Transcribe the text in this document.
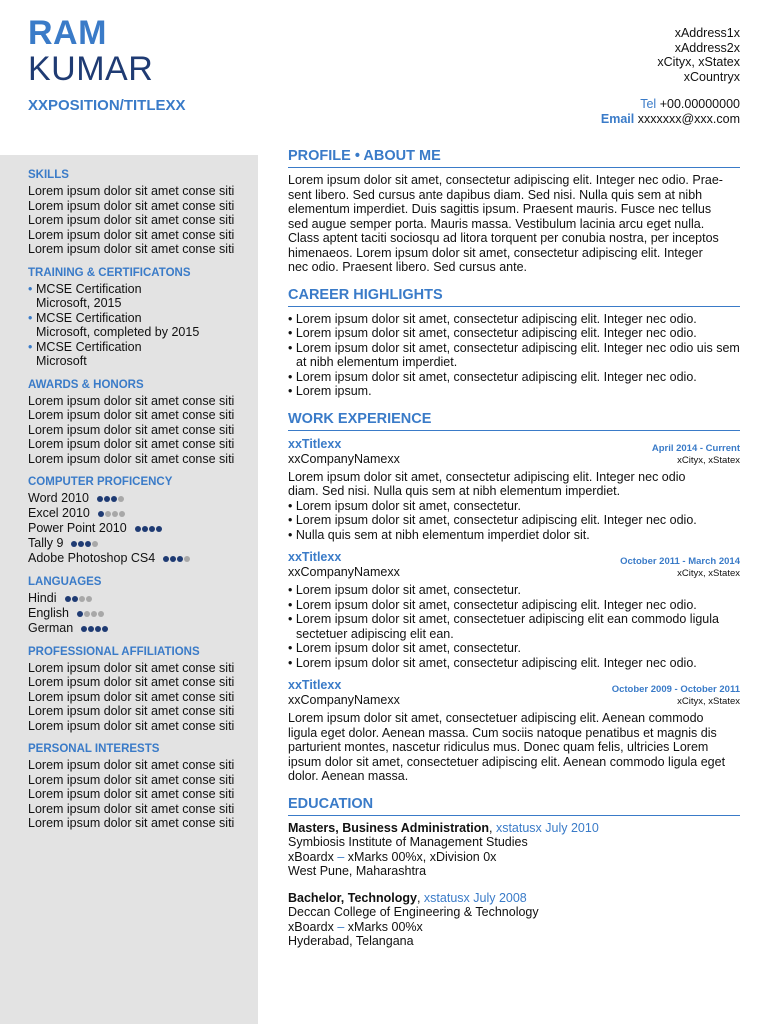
RAM
KUMAR
XXPOSITION/TITLEXX
xAddress1x
xAddress2x
xCityx, xStatex
xCountryx
Tel +00.00000000
Email xxxxxxx@xxx.com
SKILLS
Lorem ipsum dolor sit amet conse siti
Lorem ipsum dolor sit amet conse siti
Lorem ipsum dolor sit amet conse siti
Lorem ipsum dolor sit amet conse siti
Lorem ipsum dolor sit amet conse siti
TRAINING & CERTIFICATONS
• MCSE Certification
Microsoft, 2015
• MCSE Certification
Microsoft, completed by 2015
• MCSE Certification
Microsoft
AWARDS & HONORS
Lorem ipsum dolor sit amet conse siti
Lorem ipsum dolor sit amet conse siti
Lorem ipsum dolor sit amet conse siti
Lorem ipsum dolor sit amet conse siti
Lorem ipsum dolor sit amet conse siti
COMPUTER PROFICENCY
Word 2010
Excel 2010
Power Point 2010
Tally 9
Adobe Photoshop CS4
LANGUAGES
Hindi
English
German
PROFESSIONAL AFFILIATIONS
Lorem ipsum dolor sit amet conse siti
Lorem ipsum dolor sit amet conse siti
Lorem ipsum dolor sit amet conse siti
Lorem ipsum dolor sit amet conse siti
Lorem ipsum dolor sit amet conse siti
PERSONAL INTERESTS
Lorem ipsum dolor sit amet conse siti
Lorem ipsum dolor sit amet conse siti
Lorem ipsum dolor sit amet conse siti
Lorem ipsum dolor sit amet conse siti
Lorem ipsum dolor sit amet conse siti
PROFILE • ABOUT ME
Lorem ipsum dolor sit amet, consectetur adipiscing elit. Integer nec odio. Prae-
sent libero. Sed cursus ante dapibus diam. Sed nisi. Nulla quis sem at nibh
elementum imperdiet. Duis sagittis ipsum. Praesent mauris. Fusce nec tellus
sed augue semper porta. Mauris massa. Vestibulum lacinia arcu eget nulla.
Class aptent taciti sociosqu ad litora torquent per conubia nostra, per inceptos
himenaeos. Lorem ipsum dolor sit amet, consectetur adipiscing elit. Integer
nec odio. Praesent libero. Sed cursus ante.
CAREER HIGHLIGHTS
• Lorem ipsum dolor sit amet, consectetur adipiscing elit. Integer nec odio.
• Lorem ipsum dolor sit amet, consectetur adipiscing elit. Integer nec odio.
• Lorem ipsum dolor sit amet, consectetur adipiscing elit. Integer nec odio uis sem at nibh elementum imperdiet.
• Lorem ipsum dolor sit amet, consectetur adipiscing elit. Integer nec odio.
• Lorem ipsum.
WORK EXPERIENCE
xxTitlexx
xxCompanyNamexx
April 2014 - Current
xCityx, xStatex
Lorem ipsum dolor sit amet, consectetur adipiscing elit. Integer nec odio
diam. Sed nisi. Nulla quis sem at nibh elementum imperdiet.
• Lorem ipsum dolor sit amet, consectetur.
• Lorem ipsum dolor sit amet, consectetur adipiscing elit. Integer nec odio.
• Nulla quis sem at nibh elementum imperdiet dolor sit.
xxTitlexx
xxCompanyNamexx
October 2011 - March 2014
xCityx, xStatex
• Lorem ipsum dolor sit amet, consectetur.
• Lorem ipsum dolor sit amet, consectetur adipiscing elit. Integer nec odio.
• Lorem ipsum dolor sit amet, consectetuer adipiscing elit ean commodo ligula sectetuer adipiscing elit ean.
• Lorem ipsum dolor sit amet, consectetur.
• Lorem ipsum dolor sit amet, consectetur adipiscing elit. Integer nec odio.
xxTitlexx
xxCompanyNamexx
October 2009 - October 2011
xCityx, xStatex
Lorem ipsum dolor sit amet, consectetuer adipiscing elit. Aenean commodo
ligula eget dolor. Aenean massa. Cum sociis natoque penatibus et magnis dis
parturient montes, nascetur ridiculus mus. Donec quam felis, ultricies Lorem
ipsum dolor sit amet, consectetuer adipiscing elit. Aenean commodo ligula eget
dolor. Aenean massa.
EDUCATION
Masters, Business Administration, xstatusx July 2010
Symbiosis Institute of Management Studies
xBoardx – xMarks 00%x, xDivision 0x
West Pune, Maharashtra
Bachelor, Technology, xstatusx July 2008
Deccan College of Engineering & Technology
xBoardx – xMarks 00%x
Hyderabad, Telangana
